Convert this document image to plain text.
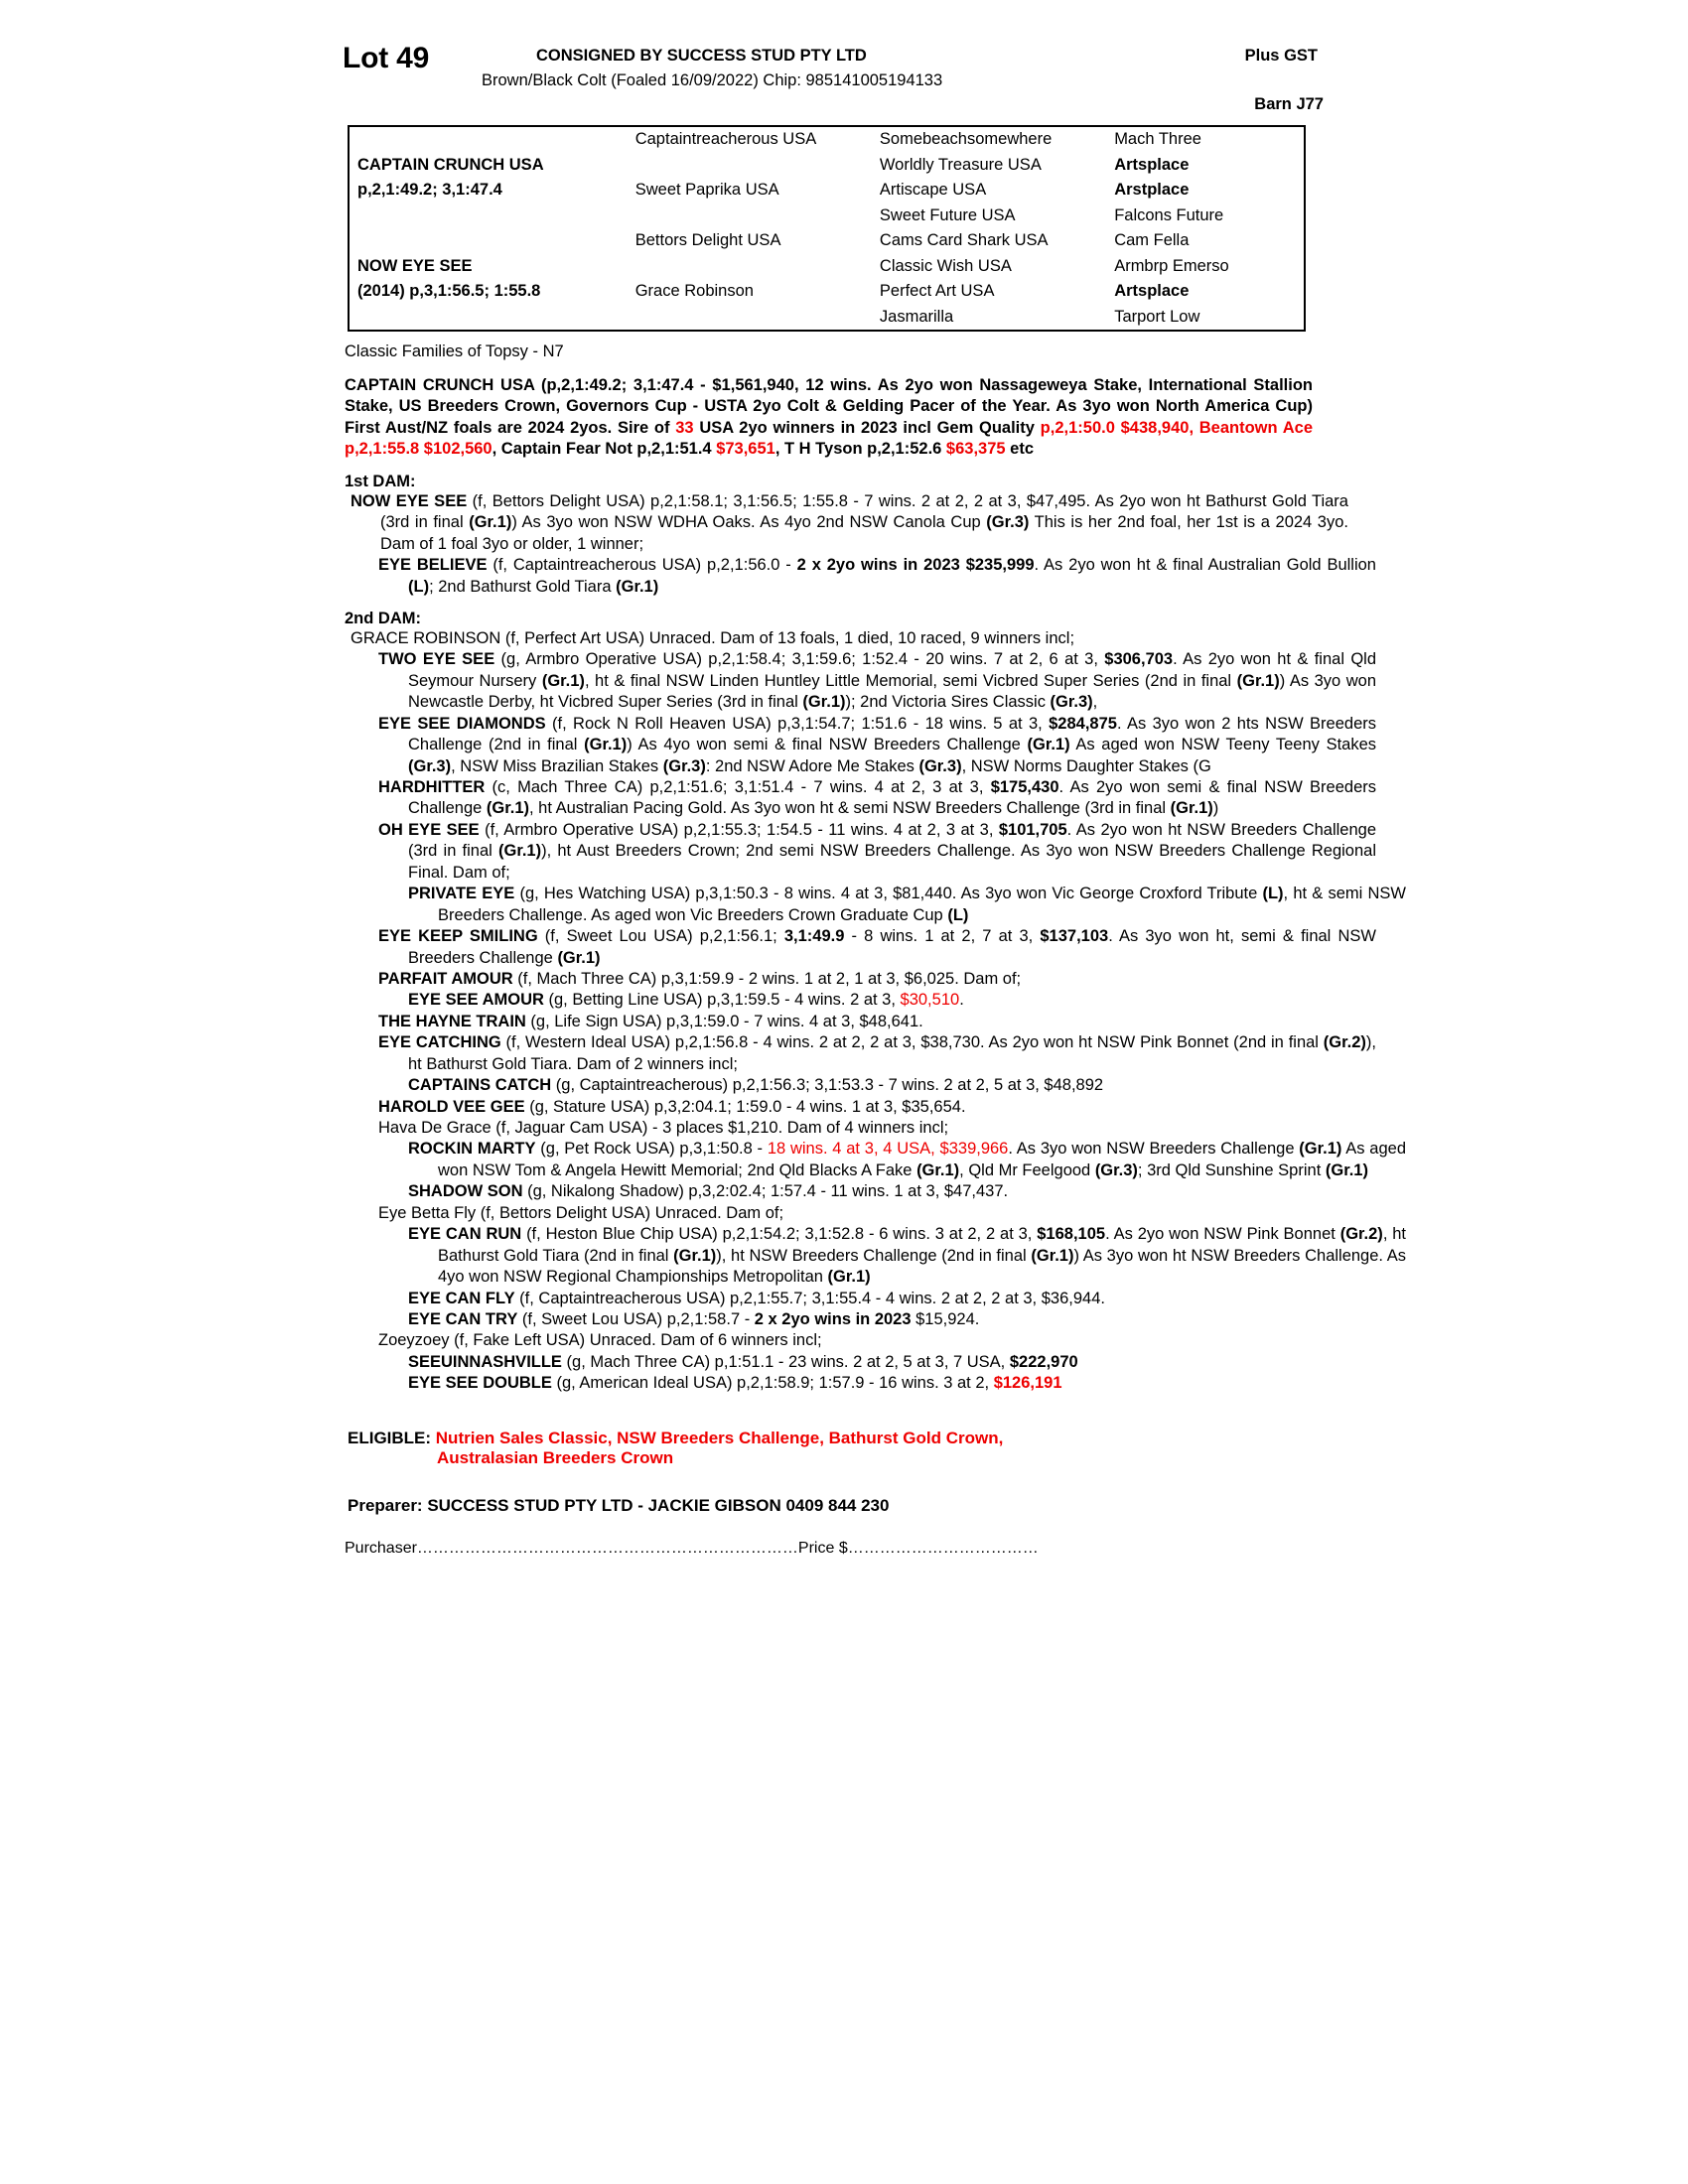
Lot 49	CONSIGNED BY SUCCESS STUD PTY LTD	Plus GST
Brown/Black Colt (Foaled 16/09/2022) Chip: 985141005194133
Barn J77
	Captaintreacherous USA	Somebeachsomewhere	Mach Three
CAPTAIN CRUNCH USA		Worldly Treasure USA	Artsplace
p,2,1:49.2; 3,1:47.4	Sweet Paprika USA	Artiscape USA	Arstplace
		Sweet Future USA	Falcons Future
	Bettors Delight USA	Cams Card Shark USA	Cam Fella
NOW EYE SEE		Classic Wish USA	Armbrp Emerso
(2014) p,3,1:56.5; 1:55.8	Grace Robinson	Perfect Art USA	Artsplace
		Jasmarilla	Tarport Low
Classic Families of Topsy - N7
CAPTAIN CRUNCH USA (p,2,1:49.2; 3,1:47.4 - $1,561,940, 12 wins. As 2yo won Nassageweya Stake, International Stallion Stake, US Breeders Crown, Governors Cup - USTA 2yo Colt & Gelding Pacer of the Year. As 3yo won North America Cup) First Aust/NZ foals are 2024 2yos. Sire of 33 USA 2yo winners in 2023 incl Gem Quality p,2,1:50.0 $438,940, Beantown Ace p,2,1:55.8 $102,560, Captain Fear Not p,2,1:51.4 $73,651, T H Tyson p,2,1:52.6 $63,375 etc
1st DAM:
NOW EYE SEE (f, Bettors Delight USA) p,2,1:58.1; 3,1:56.5; 1:55.8 - 7 wins. 2 at 2, 2 at 3, $47,495. As 2yo won ht Bathurst Gold Tiara (3rd in final (Gr.1)) As 3yo won NSW WDHA Oaks. As 4yo 2nd NSW Canola Cup (Gr.3) This is her 2nd foal, her 1st is a 2024 3yo. Dam of 1 foal 3yo or older, 1 winner;
EYE BELIEVE (f, Captaintreacherous USA) p,2,1:56.0 - 2 x 2yo wins in 2023 $235,999. As 2yo won ht & final Australian Gold Bullion (L); 2nd Bathurst Gold Tiara (Gr.1)
2nd DAM:
GRACE ROBINSON (f, Perfect Art USA) Unraced. Dam of 13 foals, 1 died, 10 raced, 9 winners incl;
TWO EYE SEE (g, Armbro Operative USA) p,2,1:58.4; 3,1:59.6; 1:52.4 - 20 wins. 7 at 2, 6 at 3, $306,703. As 2yo won ht & final Qld Seymour Nursery (Gr.1), ht & final NSW Linden Huntley Little Memorial, semi Vicbred Super Series (2nd in final (Gr.1)) As 3yo won Newcastle Derby, ht Vicbred Super Series (3rd in final (Gr.1)); 2nd Victoria Sires Classic (Gr.3),
EYE SEE DIAMONDS (f, Rock N Roll Heaven USA) p,3,1:54.7; 1:51.6 - 18 wins. 5 at 3, $284,875. As 3yo won 2 hts NSW Breeders Challenge (2nd in final (Gr.1)) As 4yo won semi & final NSW Breeders Challenge (Gr.1) As aged won NSW Teeny Teeny Stakes (Gr.3), NSW Miss Brazilian Stakes (Gr.3): 2nd NSW Adore Me Stakes (Gr.3), NSW Norms Daughter Stakes (G
HARDHITTER (c, Mach Three CA) p,2,1:51.6; 3,1:51.4 - 7 wins. 4 at 2, 3 at 3, $175,430. As 2yo won semi & final NSW Breeders Challenge (Gr.1), ht Australian Pacing Gold. As 3yo won ht & semi NSW Breeders Challenge (3rd in final (Gr.1))
OH EYE SEE (f, Armbro Operative USA) p,2,1:55.3; 1:54.5 - 11 wins. 4 at 2, 3 at 3, $101,705. As 2yo won ht NSW Breeders Challenge (3rd in final (Gr.1)), ht Aust Breeders Crown; 2nd semi NSW Breeders Challenge. As 3yo won NSW Breeders Challenge Regional Final. Dam of;
PRIVATE EYE (g, Hes Watching USA) p,3,1:50.3 - 8 wins. 4 at 3, $81,440. As 3yo won Vic George Croxford Tribute (L), ht & semi NSW Breeders Challenge. As aged won Vic Breeders Crown Graduate Cup (L)
EYE KEEP SMILING (f, Sweet Lou USA) p,2,1:56.1; 3,1:49.9 - 8 wins. 1 at 2, 7 at 3, $137,103. As 3yo won ht, semi & final NSW Breeders Challenge (Gr.1)
PARFAIT AMOUR (f, Mach Three CA) p,3,1:59.9 - 2 wins. 1 at 2, 1 at 3, $6,025. Dam of;
EYE SEE AMOUR (g, Betting Line USA) p,3,1:59.5 - 4 wins. 2 at 3, $30,510.
THE HAYNE TRAIN (g, Life Sign USA) p,3,1:59.0 - 7 wins. 4 at 3, $48,641.
EYE CATCHING (f, Western Ideal USA) p,2,1:56.8 - 4 wins. 2 at 2, 2 at 3, $38,730. As 2yo won ht NSW Pink Bonnet (2nd in final (Gr.2)), ht Bathurst Gold Tiara. Dam of 2 winners incl;
CAPTAINS CATCH (g, Captaintreacherous) p,2,1:56.3; 3,1:53.3 - 7 wins. 2 at 2, 5 at 3, $48,892
HAROLD VEE GEE (g, Stature USA) p,3,2:04.1; 1:59.0 - 4 wins. 1 at 3, $35,654.
Hava De Grace (f, Jaguar Cam USA) - 3 places $1,210. Dam of 4 winners incl;
ROCKIN MARTY (g, Pet Rock USA) p,3,1:50.8 - 18 wins. 4 at 3, 4 USA, $339,966. As 3yo won NSW Breeders Challenge (Gr.1) As aged won NSW Tom & Angela Hewitt Memorial; 2nd Qld Blacks A Fake (Gr.1), Qld Mr Feelgood (Gr.3); 3rd Qld Sunshine Sprint (Gr.1)
SHADOW SON (g, Nikalong Shadow) p,3,2:02.4; 1:57.4 - 11 wins. 1 at 3, $47,437.
Eye Betta Fly (f, Bettors Delight USA) Unraced. Dam of;
EYE CAN RUN (f, Heston Blue Chip USA) p,2,1:54.2; 3,1:52.8 - 6 wins. 3 at 2, 2 at 3, $168,105. As 2yo won NSW Pink Bonnet (Gr.2), ht Bathurst Gold Tiara (2nd in final (Gr.1)), ht NSW Breeders Challenge (2nd in final (Gr.1)) As 3yo won ht NSW Breeders Challenge. As 4yo won NSW Regional Championships Metropolitan (Gr.1)
EYE CAN FLY (f, Captaintreacherous USA) p,2,1:55.7; 3,1:55.4 - 4 wins. 2 at 2, 2 at 3, $36,944.
EYE CAN TRY (f, Sweet Lou USA) p,2,1:58.7 - 2 x 2yo wins in 2023 $15,924.
Zoeyzoey (f, Fake Left USA) Unraced. Dam of 6 winners incl;
SEEUINNASHVILLE (g, Mach Three CA) p,1:51.1 - 23 wins. 2 at 2, 5 at 3, 7 USA, $222,970
EYE SEE DOUBLE (g, American Ideal USA) p,2,1:58.9; 1:57.9 - 16 wins. 3 at 2, $126,191
ELIGIBLE: Nutrien Sales Classic, NSW Breeders Challenge, Bathurst Gold Crown,
Australasian Breeders Crown
Preparer: SUCCESS STUD PTY LTD - JACKIE GIBSON 0409 844 230
Purchaser………………………………………………………………Price $………………………………
